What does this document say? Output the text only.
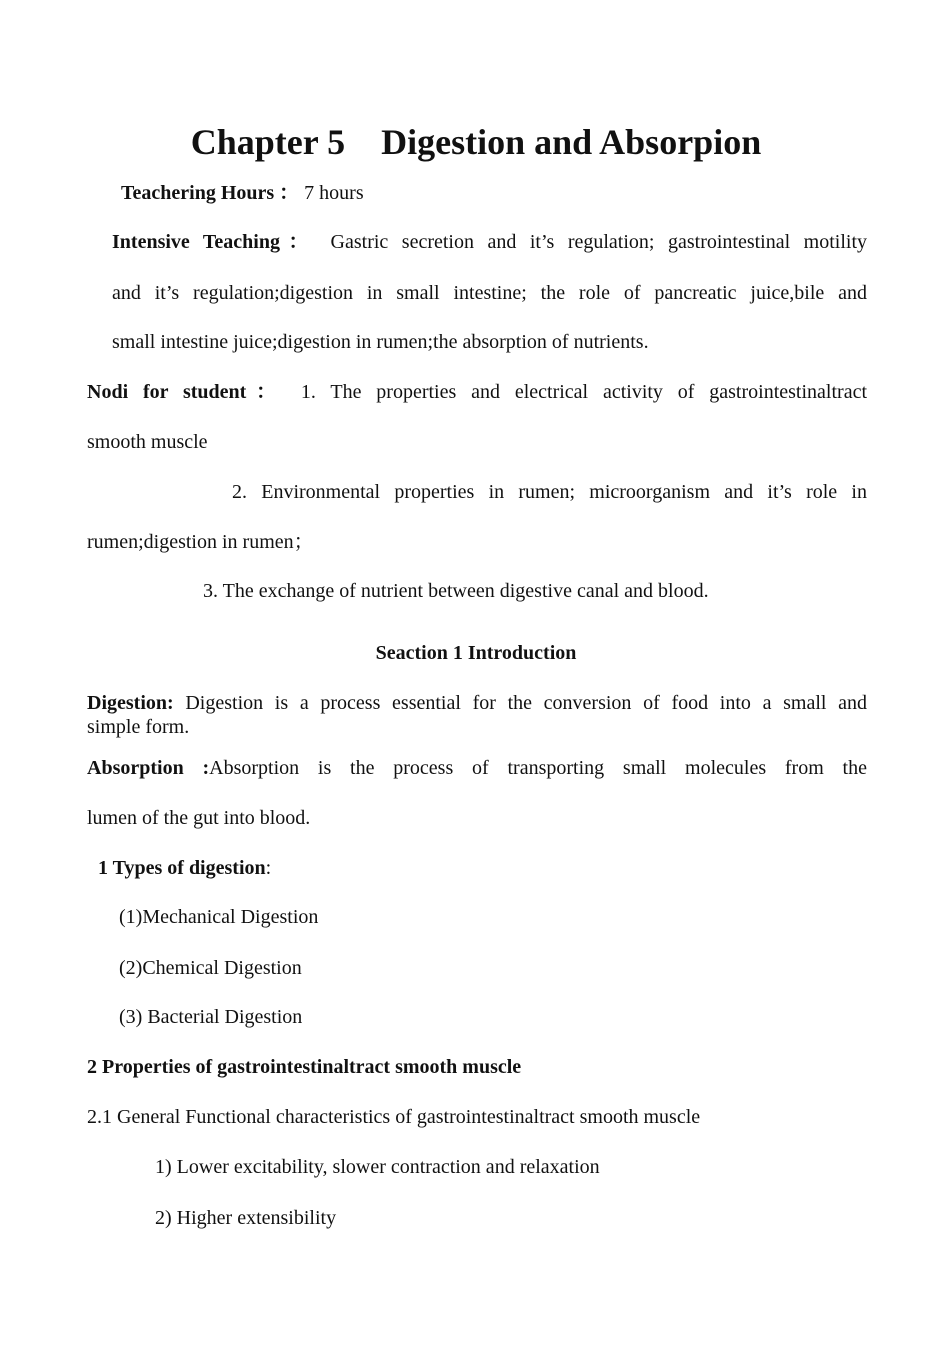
Chapter 5    Digestion and Absorpion
Teachering Hours ： 7 hours
Intensive Teaching： Gastric secretion and it’s regulation; gastrointestinal motility
and it’s regulation;digestion in small intestine; the role of pancreatic juice,bile and
small intestine juice;digestion in rumen;the absorption of nutrients.
Nodi for student： 1. The properties and electrical activity of gastrointestinaltract
smooth muscle
2. Environmental properties in rumen; microorganism and it’s role in
rumen;digestion in rumen；
3. The exchange of nutrient between digestive canal and blood.
Seaction 1 Introduction
Digestion: Digestion is a process essential for the conversion of food into a small and
simple form.
Absorption :Absorption is the process of transporting small molecules from the
lumen of the gut into blood.
1 Types of digestion:
(1)Mechanical Digestion
(2)Chemical Digestion
(3) Bacterial Digestion
2 Properties of gastrointestinaltract smooth muscle
2.1 General Functional characteristics of gastrointestinaltract smooth muscle
1) Lower excitability, slower contraction and relaxation
2) Higher extensibility
